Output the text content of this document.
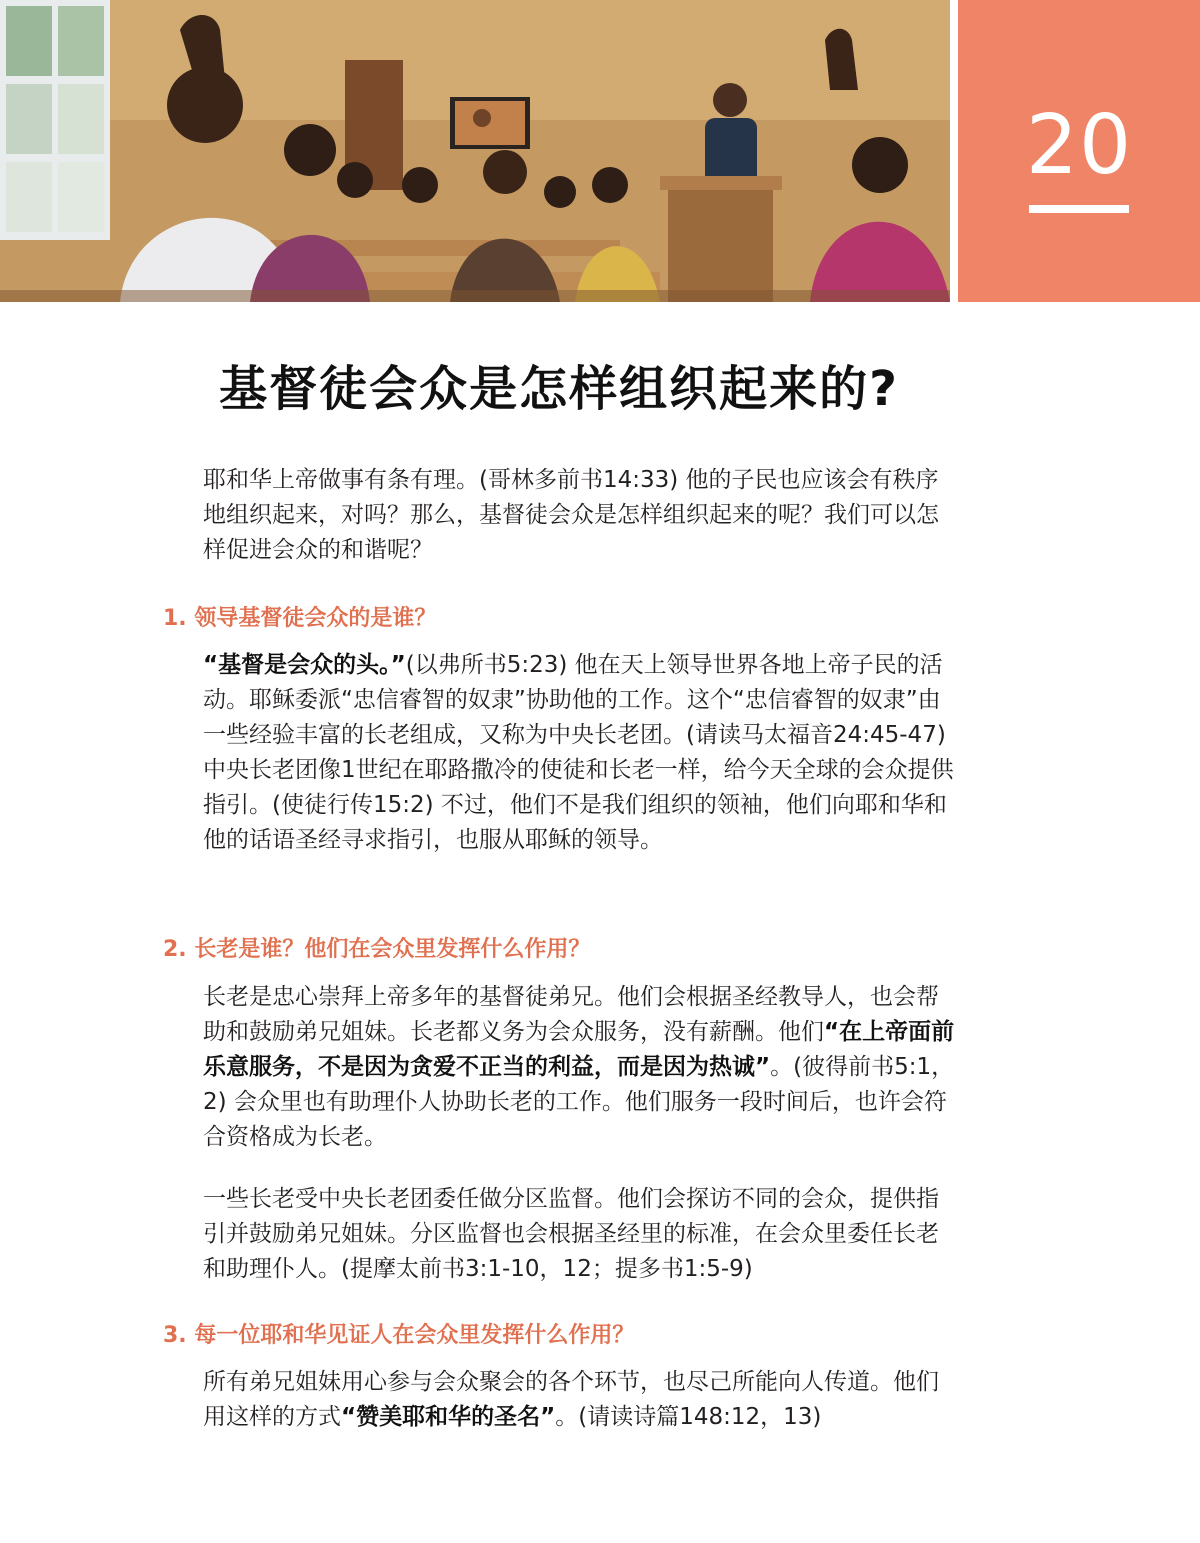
20
基督徒会众是怎样组织起来的?
耶和华上帝做事有条有理。(哥林多前书14:33) 他的子民也应该会有秩序地组织起来，对吗？那么，基督徒会众是怎样组织起来的呢？我们可以怎样促进会众的和谐呢？
1. 领导基督徒会众的是谁？
“基督是会众的头。”(以弗所书5:23) 他在天上领导世界各地上帝子民的活动。耶稣委派“忠信睿智的奴隶”协助他的工作。这个“忠信睿智的奴隶”由一些经验丰富的长老组成，又称为中央长老团。(请读马太福音24:45-47) 中央长老团像1世纪在耶路撒冷的使徒和长老一样，给今天全球的会众提供指引。(使徒行传15:2) 不过，他们不是我们组织的领袖，他们向耶和华和他的话语圣经寻求指引，也服从耶稣的领导。
2. 长老是谁？他们在会众里发挥什么作用？
长老是忠心崇拜上帝多年的基督徒弟兄。他们会根据圣经教导人，也会帮助和鼓励弟兄姐妹。长老都义务为会众服务，没有薪酬。他们“在上帝面前乐意服务，不是因为贪爱不正当的利益，而是因为热诚”。(彼得前书5:1，2) 会众里也有助理仆人协助长老的工作。他们服务一段时间后，也许会符合资格成为长老。
一些长老受中央长老团委任做分区监督。他们会探访不同的会众，提供指引并鼓励弟兄姐妹。分区监督也会根据圣经里的标准，在会众里委任长老和助理仆人。(提摩太前书3:1-10，12；提多书1:5-9)
3. 每一位耶和华见证人在会众里发挥什么作用？
所有弟兄姐妹用心参与会众聚会的各个环节，也尽己所能向人传道。他们用这样的方式“赞美耶和华的圣名”。(请读诗篇148:12，13)
